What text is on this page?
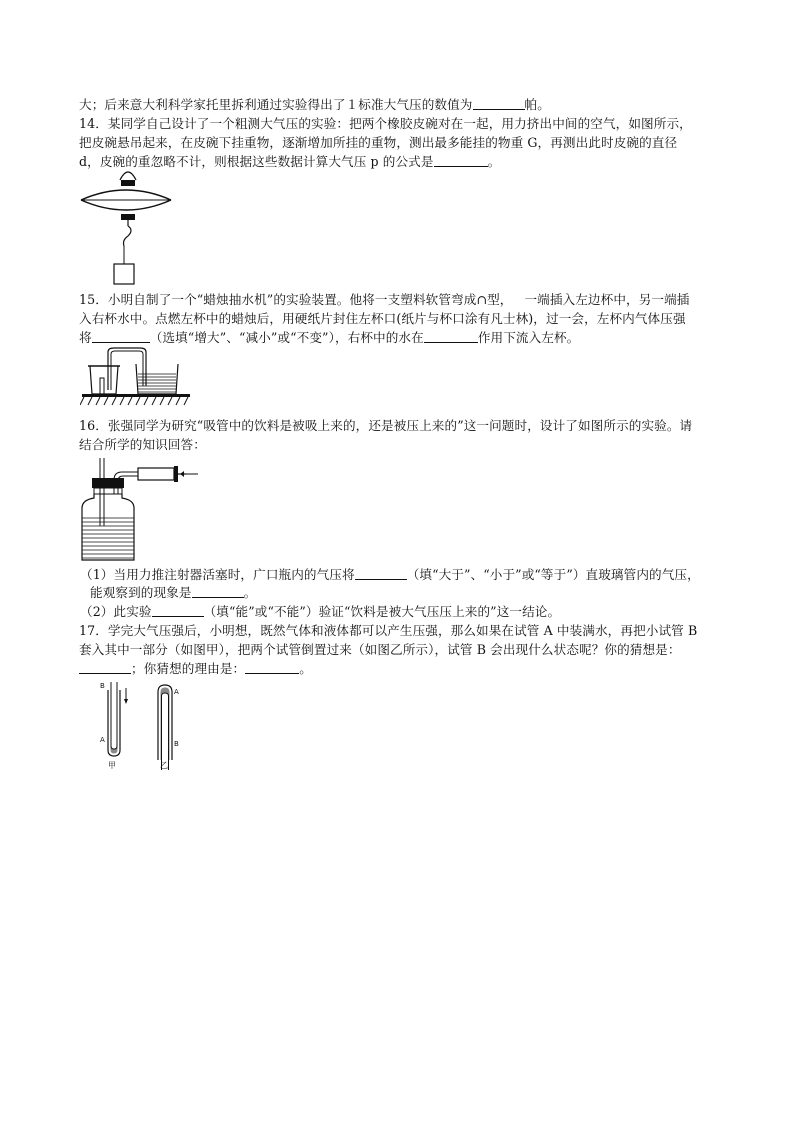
大；后来意大利科学家托里拆利通过实验得出了１标准大气压的数值为	帕。
14．某同学自己设计了一个粗测大气压的实验：把两个橡胶皮碗对在一起，用力挤出中间的空气，如图所示，
把皮碗悬吊起来，在皮碗下挂重物，逐渐增加所挂的重物，测出最多能挂的物重 G，再测出此时皮碗的直径
d，皮碗的重忽略不计，则根据这些数据计算大气压 p 的公式是	。
15．小明自制了一个“蜡烛抽水机”的实验装置。他将一支塑料软管弯成∩型， 一端插入左边杯中，另一端插
入右杯水中。点燃左杯中的蜡烛后，用硬纸片封住左杯口(纸片与杯口涂有凡士林)，过一会，左杯内气体压强
将	（选填“增大”、“减小”或“不变”），右杯中的水在	作用下流入左杯。
16．张强同学为研究“吸管中的饮料是被吸上来的，还是被压上来的”这一问题时，设计了如图所示的实验。请
结合所学的知识回答：
（1）当用力推注射器活塞时，广口瓶内的气压将	（填“大于”、“小于”或“等于”）直玻璃管内的气压，
能观察到的现象是	。
（2）此实验	（填“能”或“不能”）验证“饮料是被大气压压上来的”这一结论。
17．学完大气压强后，小明想，既然气体和液体都可以产生压强，那么如果在试管 A 中装满水，再把小试管 B
套入其中一部分（如图甲），把两个试管倒置过来（如图乙所示），试管 B 会出现什么状态呢？你的猜想是：
；你猜想的理由是：	。
B
A
A
B
甲	乙
